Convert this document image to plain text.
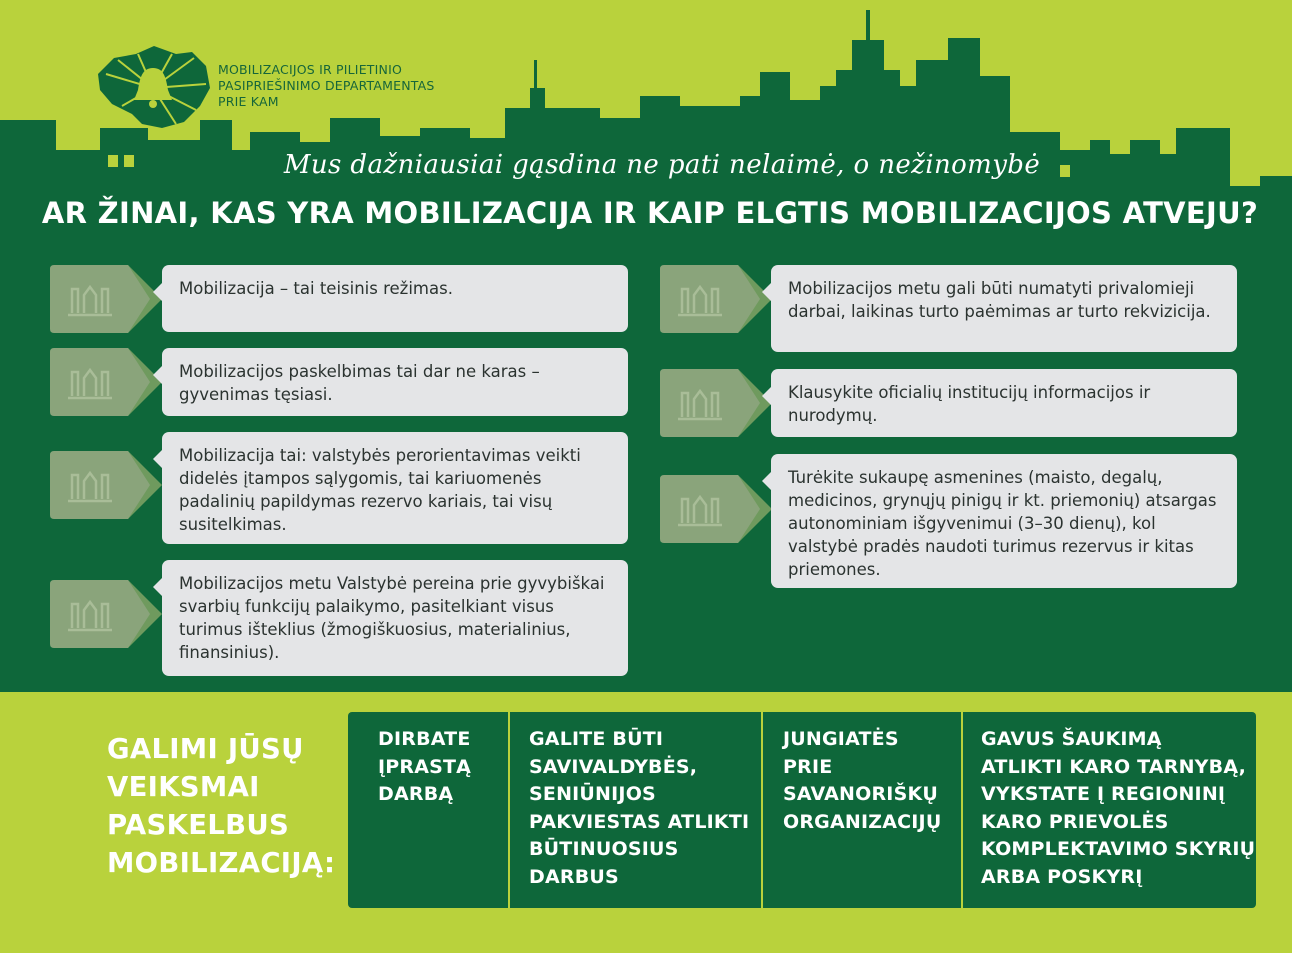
MOBILIZACIJOS IR PILIETINIO
PASIPRIEŠINIMO DEPARTAMENTAS
PRIE KAM
Mus dažniausiai gąsdina ne pati nelaimė, o nežinomybė
AR ŽINAI, KAS YRA MOBILIZACIJA IR KAIP ELGTIS MOBILIZACIJOS ATVEJU?
Mobilizacija – tai teisinis režimas.
Mobilizacijos paskelbimas tai dar ne karas – gyvenimas tęsiasi.
Mobilizacija tai: valstybės perorientavimas veikti didelės įtampos sąlygomis, tai kariuomenės padalinių papildymas rezervo kariais, tai visų susitelkimas.
Mobilizacijos metu Valstybė pereina prie gyvybiškai svarbių funkcijų palaikymo, pasitelkiant visus turimus išteklius (žmogiškuosius, materialinius, finansinius).
Mobilizacijos metu gali būti numatyti privalomieji darbai, laikinas turto paėmimas ar turto rekvizicija.
Klausykite oficialių institucijų informacijos ir nurodymų.
Turėkite sukaupę asmenines (maisto, degalų, medicinos, grynųjų pinigų ir kt. priemonių) atsargas autonominiam išgyvenimui (3–30 dienų), kol valstybė pradės naudoti turimus rezervus ir kitas priemones.
GALIMI JŪSŲ VEIKSMAI PASKELBUS MOBILIZACIJĄ:
DIRBATE
ĮPRASTĄ
DARBĄ
GALITE BŪTI
SAVIVALDYBĖS,
SENIŪNIJOS
PAKVIESTAS ATLIKTI
BŪTINUOSIUS
DARBUS
JUNGIATĖS
PRIE
SAVANORIŠKŲ
ORGANIZACIJŲ
GAVUS ŠAUKIMĄ
ATLIKTI KARO TARNYBĄ,
VYKSTATE Į REGIONINĮ
KARO PRIEVOLĖS
KOMPLEKTAVIMO SKYRIŲ
ARBA POSKYRĮ
